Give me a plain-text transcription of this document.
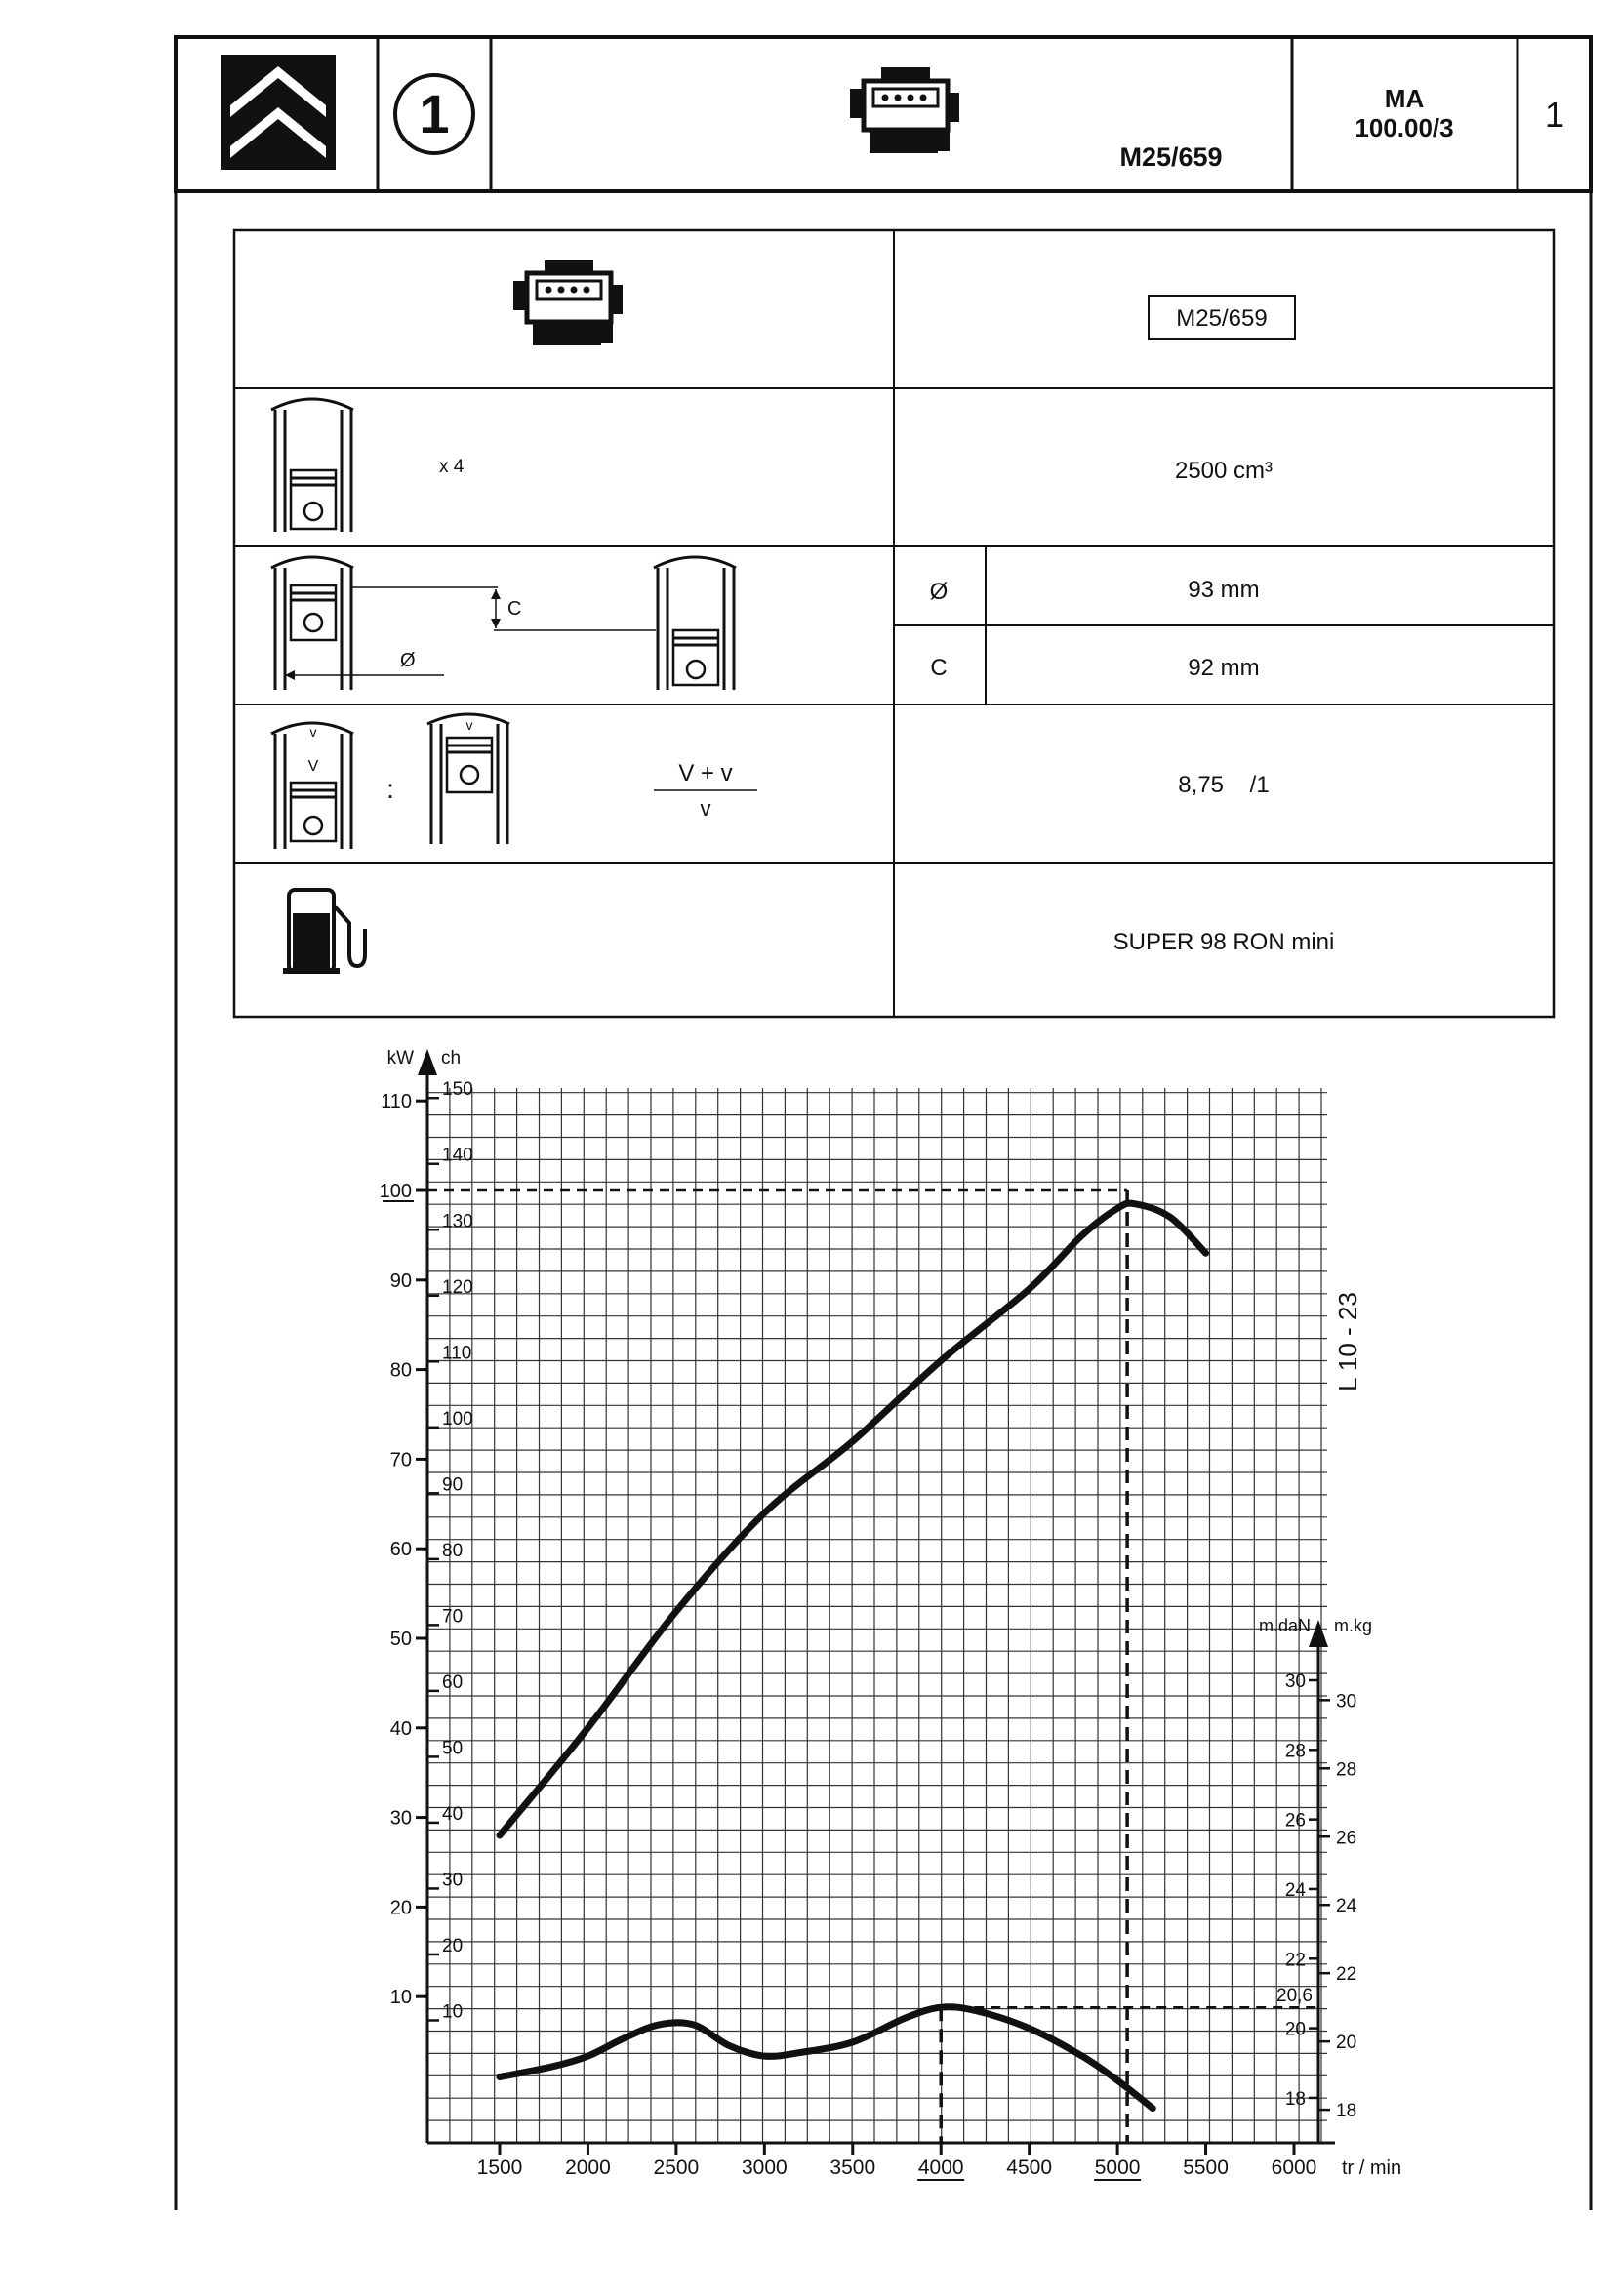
1
M25/659
MA
100.00/3	1
M25/659
x 4	2500 cm³
C
Ø
Ø	93 mm
C	92 mm
v
V
v
:
V + v
v
8,75    /1
SUPER 98 RON mini
kW ch
m.daN m.kg
tr / min
1500 2000 2500 3000 3500 4000 4500 5000 5500 6000
10
20
30
40
50
60
70
80
90
100
110
10
20
30
40
50
60
70
80
90
100
110
120
130
140
150
18
20
22
24
26
28
30
18
20
22
24
26
28
30
20,6
L 10 - 23
